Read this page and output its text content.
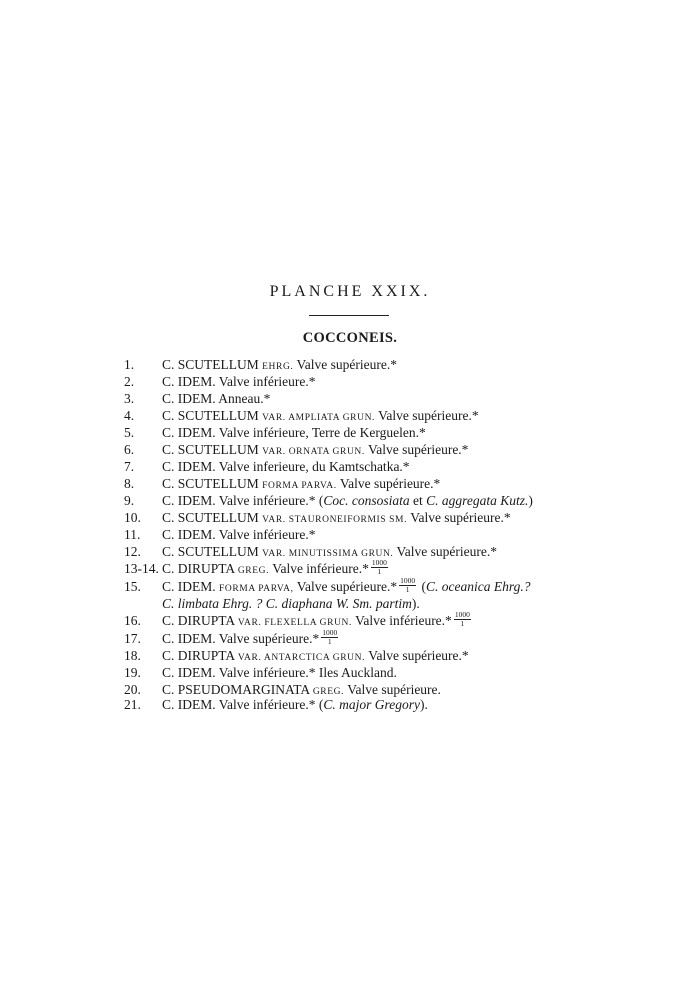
PLANCHE XXIX.
COCCONEIS.
1. C. SCUTELLUM EHRG. Valve supérieure.*
2. C. IDEM. Valve inférieure.*
3. C. IDEM. Anneau.*
4. C. SCUTELLUM VAR. AMPLIATA GRUN. Valve supérieure.*
5. C. IDEM. Valve inférieure, Terre de Kerguelen.*
6. C. SCUTELLUM VAR. ORNATA GRUN. Valve supérieure.*
7. C. IDEM. Valve inferieure, du Kamtschatka.*
8. C. SCUTELLUM FORMA PARVA. Valve supérieure.*
9. C. IDEM. Valve inférieure.* (Coc. consosiata et C. aggregata Kutz.)
10. C. SCUTELLUM VAR. STAURONEIFORMIS SM. Valve supérieure.*
11. C. IDEM. Valve inférieure.*
12. C. SCUTELLUM VAR. MINUTISSIMA GRUN. Valve supérieure.*
13-14. C. DIRUPTA GREG. Valve inférieure.* $\frac{1000}{1}$
15. C. IDEM. FORMA PARVA, Valve supérieure.* $\frac{1000}{1} (C$. oceanica Ehrg.?
C. limbata Ehrg. ? C. diaphana W. Sm. partim).
16. C. DIRUPTA VAR. FLEXELLA GRUN. Valve inférieure.* $\frac{1000}{1}$
17. C. IDEM. Valve supérieure.* $\frac{1000}{1}$
18. C. DIRUPTA VAR. ANTARCTICA GRUN. Valve supérieure.*
19. C. IDEM. Valve inférieure.* Iles Auckland.
20. C. PSEUDOMARGINATA GREG. Valve supérieure.
21. C. IDEM. Valve inférieure.* (C. major Gregory).
